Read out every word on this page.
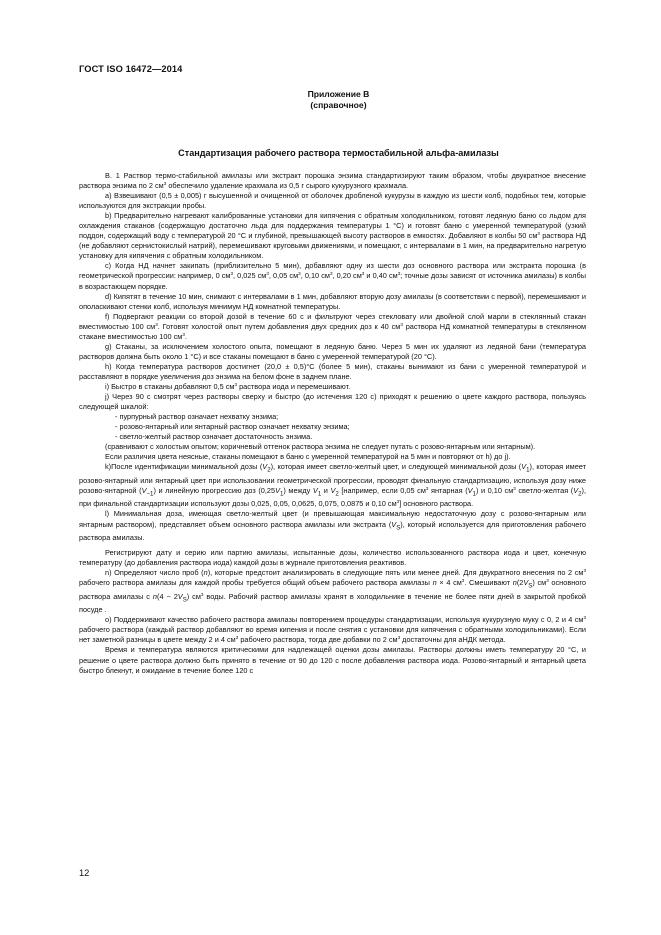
ГОСТ ISO 16472—2014
Приложение В
(справочное)
Стандартизация рабочего раствора термостабильной альфа-амилазы

В. 1 Раствор термо-стабильной амилазы или экстракт порошка энзима стандартизируют таким образом, чтобы двукратное внесение раствора энзима по 2 $см^3$ обеспечило удаление крахмала из 0,5 г сырого кукурузного крахмала.

a) Взвешивают (0,5 ± 0,005) г высушенной и очищенной от оболочек дробленой кукурузы в каждую из шести колб, подобных тем, которые используются для экстракции пробы.

b) Предварительно нагревают калиброванные установки для кипячения с обратным холодильником, готовят ледяную баню со льдом для охлаждения стаканов (содержащую достаточно льда для поддержания температуры 1 °С) и готовят баню с умеренной температурой (узкий поддон, содержащий воду с температурой 20 °С и глубиной, превышающей высоту растворов в емкостях. Добавляют в колбы 50 $см^3$ раствора НД (не добавляют сернистокислый натрий), перемешивают круговыми движениями, и помещают, с интервалами в 1 мин, на предварительно нагретую установку для кипячения с обратным холодильником.

c) Когда НД начнет закипать (приблизительно 5 мин), добавляют одну из шести доз основного раствора или экстракта порошка (в геометрической прогрессии: например, 0 $см^3$, 0,025 $см^3$, 0,05 $см^3$, 0,10 $см^3$, 0,20 $см^3$ и 0,40 $см^3$; точные дозы зависят от источника амилазы) в колбы в возрастающем порядке.

d) Кипятят в течение 10 мин, снимают с интервалами в 1 мин, добавляют вторую дозу амилазы (в соответствии с первой), перемешивают и ополаскивают стенки колб, используя минимум НД комнатной температуры.

f) Подвергают реакции со второй дозой в течение 60 с и фильтруют через стекловату или двойной слой марли в стеклянный стакан вместимостью 100 $см^3$. Готовят холостой опыт путем добавления двух средних доз к 40 $см^3$ раствора НД комнатной температуры в стеклянном стакане вместимостью 100 $см^3$.

g) Стаканы, за исключением холостого опыта, помещают в ледяную баню. Через 5 мин их удаляют из ледяной бани (температура растворов должна быть около 1 °С) и все стаканы помещают в баню с умеренной температурой (20 °С).

h) Когда температура растворов достигнет (20,0 ± 0,5)°С (более 5 мин), стаканы вынимают из бани с умеренной температурой и расставляют в порядке увеличения доз энзима на белом фоне в заднем плане.

i) Быстро в стаканы добавляют 0,5 $см^3$ раствора иода и перемешивают.

j) Через 90 с смотрят через растворы сверху и быстро (до истечения 120 с) приходят к решению о цвете каждого раствора, пользуясь следующей шкалой:

- пурпурный раствор означает нехватку энзима;

- розово-янтарный или янтарный раствор означает нехватку энзима;

- светло-желтый раствор означает достаточность энзима.

(сравнивают с холостым опытом; коричневый оттенок раствора энзима не следует путать с розово-янтарным или янтарным).

Если различия цвета неясные, стаканы помещают в баню с умеренной температурой на 5 мин и повторяют от h) до j).

k)После идентификации минимальной дозы $(V_2)$, которая имеет светло-желтый цвет, и следующей минимальной дозы $(V_1)$, которая имеет розово-янтарный или янтарный цвет при использовании геометрической прогрессии, проводят финальную стандартизацию, используя дозу ниже розово-янтарной $(V_{-1})$ и линейную прогрессию доз $(0,25V_1)$ между $V_1$ и $V_2$ [например, если 0,05 $см^3$ янтарная $(V_1)$ и 0,10 $см^3$ светло-желтая $(V_2)$, при финальной стандартизации используют дозы 0,025, 0,05, 0,0625, 0,075, 0,0875 и 0,10 $см^3$] основного раствора.

l) Минимальная доза, имеющая светло-желтый цвет (и превышающая максимальную недостаточную дозу с розово-янтарным или янтарным раствором), представляет объем основного раствора амилазы или экстракта $(V_S)$, который используется для приготовления рабочего раствора амилазы.

Регистрируют дату и серию или партию амилазы, испытанные дозы, количество использованного раствора иода и цвет, конечную температуру (до добавления раствора иода) каждой дозы в журнале приготовления реактивов.

n) Определяют число проб (n), которые предстоит анализировать в следующие пять или менее дней. Для двукратного внесения по 2 $см^3$ рабочего раствора амилазы для каждой пробы требуется общий объем рабочего раствора амилазы n × 4 $см^3$. Смешивают $n(2V_S)$ $см^3$ основного раствора амилазы с $n(4 - 2V_S)$ $см^3$ воды. Рабочий раствор амилазы хранят в холодильнике в течение не более пяти дней в закрытой пробкой посуде .

o) Поддерживают качество рабочего раствора амилазы повторением процедуры стандартизации, используя кукурузную муку с 0, 2 и 4 $см^3$ рабочего раствора (каждый раствор добавляют во время кипения и после снятия с установки для кипячения с обратными холодильниками). Если нет заметной разницы в цвете между 2 и 4 $см^3$ рабочего раствора, тогда две добавки по 2 $см^3$ достаточны для аНДК метода.

Время и температура являются критическими для надлежащей оценки дозы амилазы. Растворы должны иметь температуру 20 °С, и решение о цвете раствора должно быть принято в течение от 90 до 120 с после добавления раствора иода. Розово-янтарный и янтарный цвета быстро блекнут, и ожидание в течение более 120 с

12
